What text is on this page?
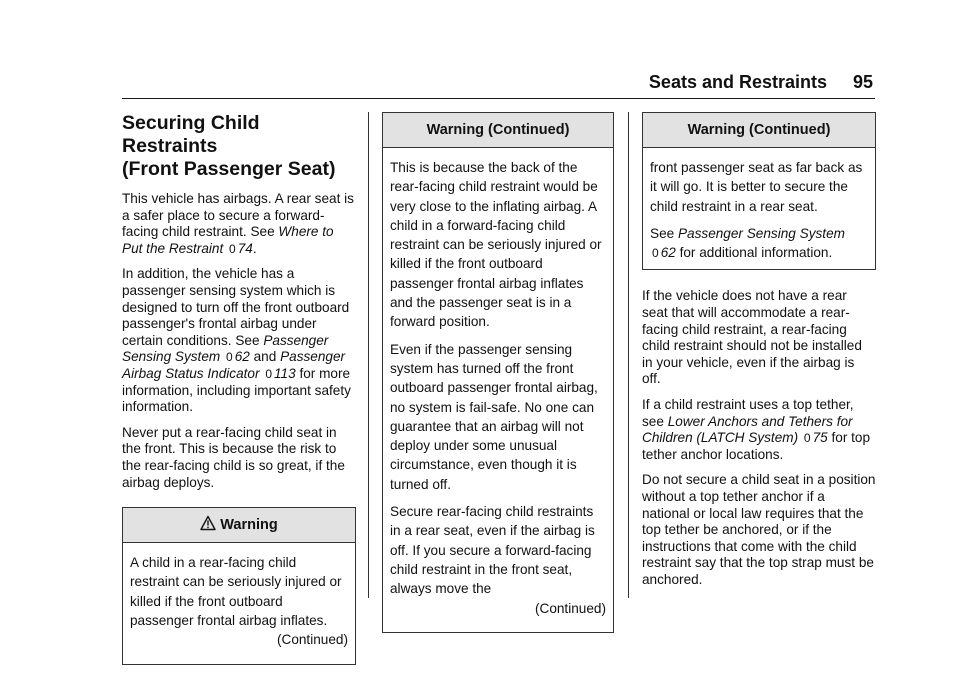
Seats and Restraints 95
Securing Child Restraints
(Front Passenger Seat)

This vehicle has airbags. A rear seat is a safer place to secure a forward-facing child restraint. See Where to Put the Restraint 0 74.

In addition, the vehicle has a passenger sensing system which is designed to turn off the front outboard passenger's frontal airbag under certain conditions. See Passenger Sensing System 0 62 and Passenger Airbag Status Indicator 0 113 for more information, including important safety information.

Never put a rear-facing child seat in the front. This is because the risk to the rear-facing child is so great, if the airbag deploys.

Warning

A child in a rear-facing child restraint can be seriously injured or killed if the front outboard passenger frontal airbag inflates.

(Continued)

Warning (Continued)

This is because the back of the rear-facing child restraint would be very close to the inflating airbag. A child in a forward-facing child restraint can be seriously injured or killed if the front outboard passenger frontal airbag inflates and the passenger seat is in a forward position.

Even if the passenger sensing system has turned off the front outboard passenger frontal airbag, no system is fail-safe. No one can guarantee that an airbag will not deploy under some unusual circumstance, even though it is turned off.

Secure rear-facing child restraints in a rear seat, even if the airbag is off. If you secure a forward-facing child restraint in the front seat, always move the

(Continued)

Warning (Continued)

front passenger seat as far back as it will go. It is better to secure the child restraint in a rear seat.

See Passenger Sensing System
0 62 for additional information.

If the vehicle does not have a rear seat that will accommodate a rear-facing child restraint, a rear-facing child restraint should not be installed in your vehicle, even if the airbag is off.

If a child restraint uses a top tether, see Lower Anchors and Tethers for Children (LATCH System) 0 75 for top tether anchor locations.

Do not secure a child seat in a position without a top tether anchor if a national or local law requires that the top tether be anchored, or if the instructions that come with the child restraint say that the top strap must be anchored.
